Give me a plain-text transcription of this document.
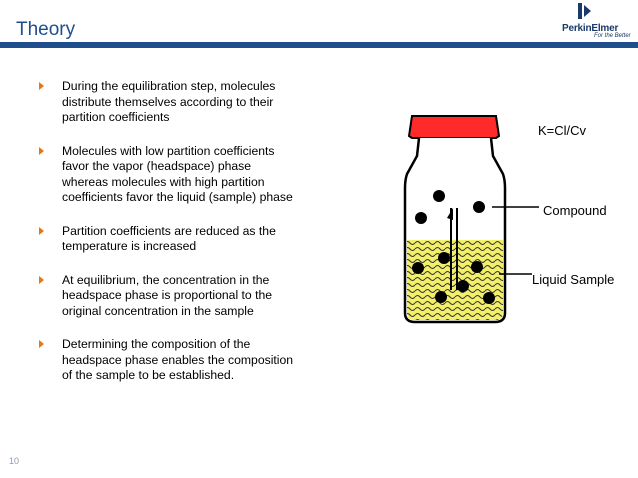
Theory	PerkinElmer
For the Better
During the equilibration step, molecules distribute themselves according to their partition coefficients
Molecules with low partition coefficients favor the vapor (headspace) phase whereas molecules with high partition coefficients favor the liquid (sample) phase
Partition coefficients are reduced as the temperature is increased
At equilibrium, the concentration in the headspace phase is proportional to the original concentration in the sample
Determining the composition of the headspace phase enables the composition of the sample to be established.
K=Cl/Cv
Compound
Liquid Sample
10
